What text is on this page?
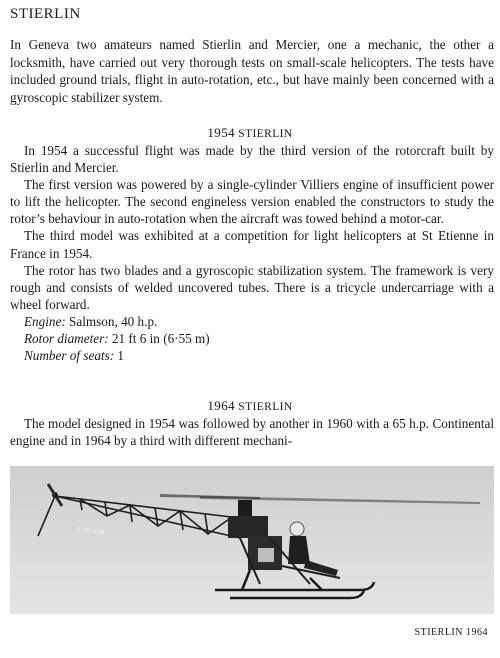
STIERLIN

In Geneva two amateurs named Stierlin and Mercier, one a mechanic, the other a locksmith, have carried out very thorough tests on small-scale helicopters. The tests have included ground trials, flight in auto-rotation, etc., but have mainly been concerned with a gyroscopic stabilizer system.

1954 STIERLIN

In 1954 a successful flight was made by the third version of the rotorcraft built by Stierlin and Mercier.

The first version was powered by a single-cylinder Villiers engine of insufficient power to lift the helicopter. The second engineless version enabled the constructors to study the rotor’s behaviour in auto-rotation when the aircraft was towed behind a motor-car.

The third model was exhibited at a competition for light helicopters at St Etienne in France in 1954.

The rotor has two blades and a gyroscopic stabilization system. The framework is very rough and consists of welded uncovered tubes. There is a tricycle undercarriage with a wheel forward.

Engine: Salmson, 40 h.p.
Rotor diameter: 21 ft 6 in (6·55 m)
Number of seats: 1
1964 STIERLIN

The model designed in 1954 was followed by another in 1960 with a 65 h.p. Continental engine and in 1964 by a third with different mechani-

X-HB-XVB

STIERLIN 1964
